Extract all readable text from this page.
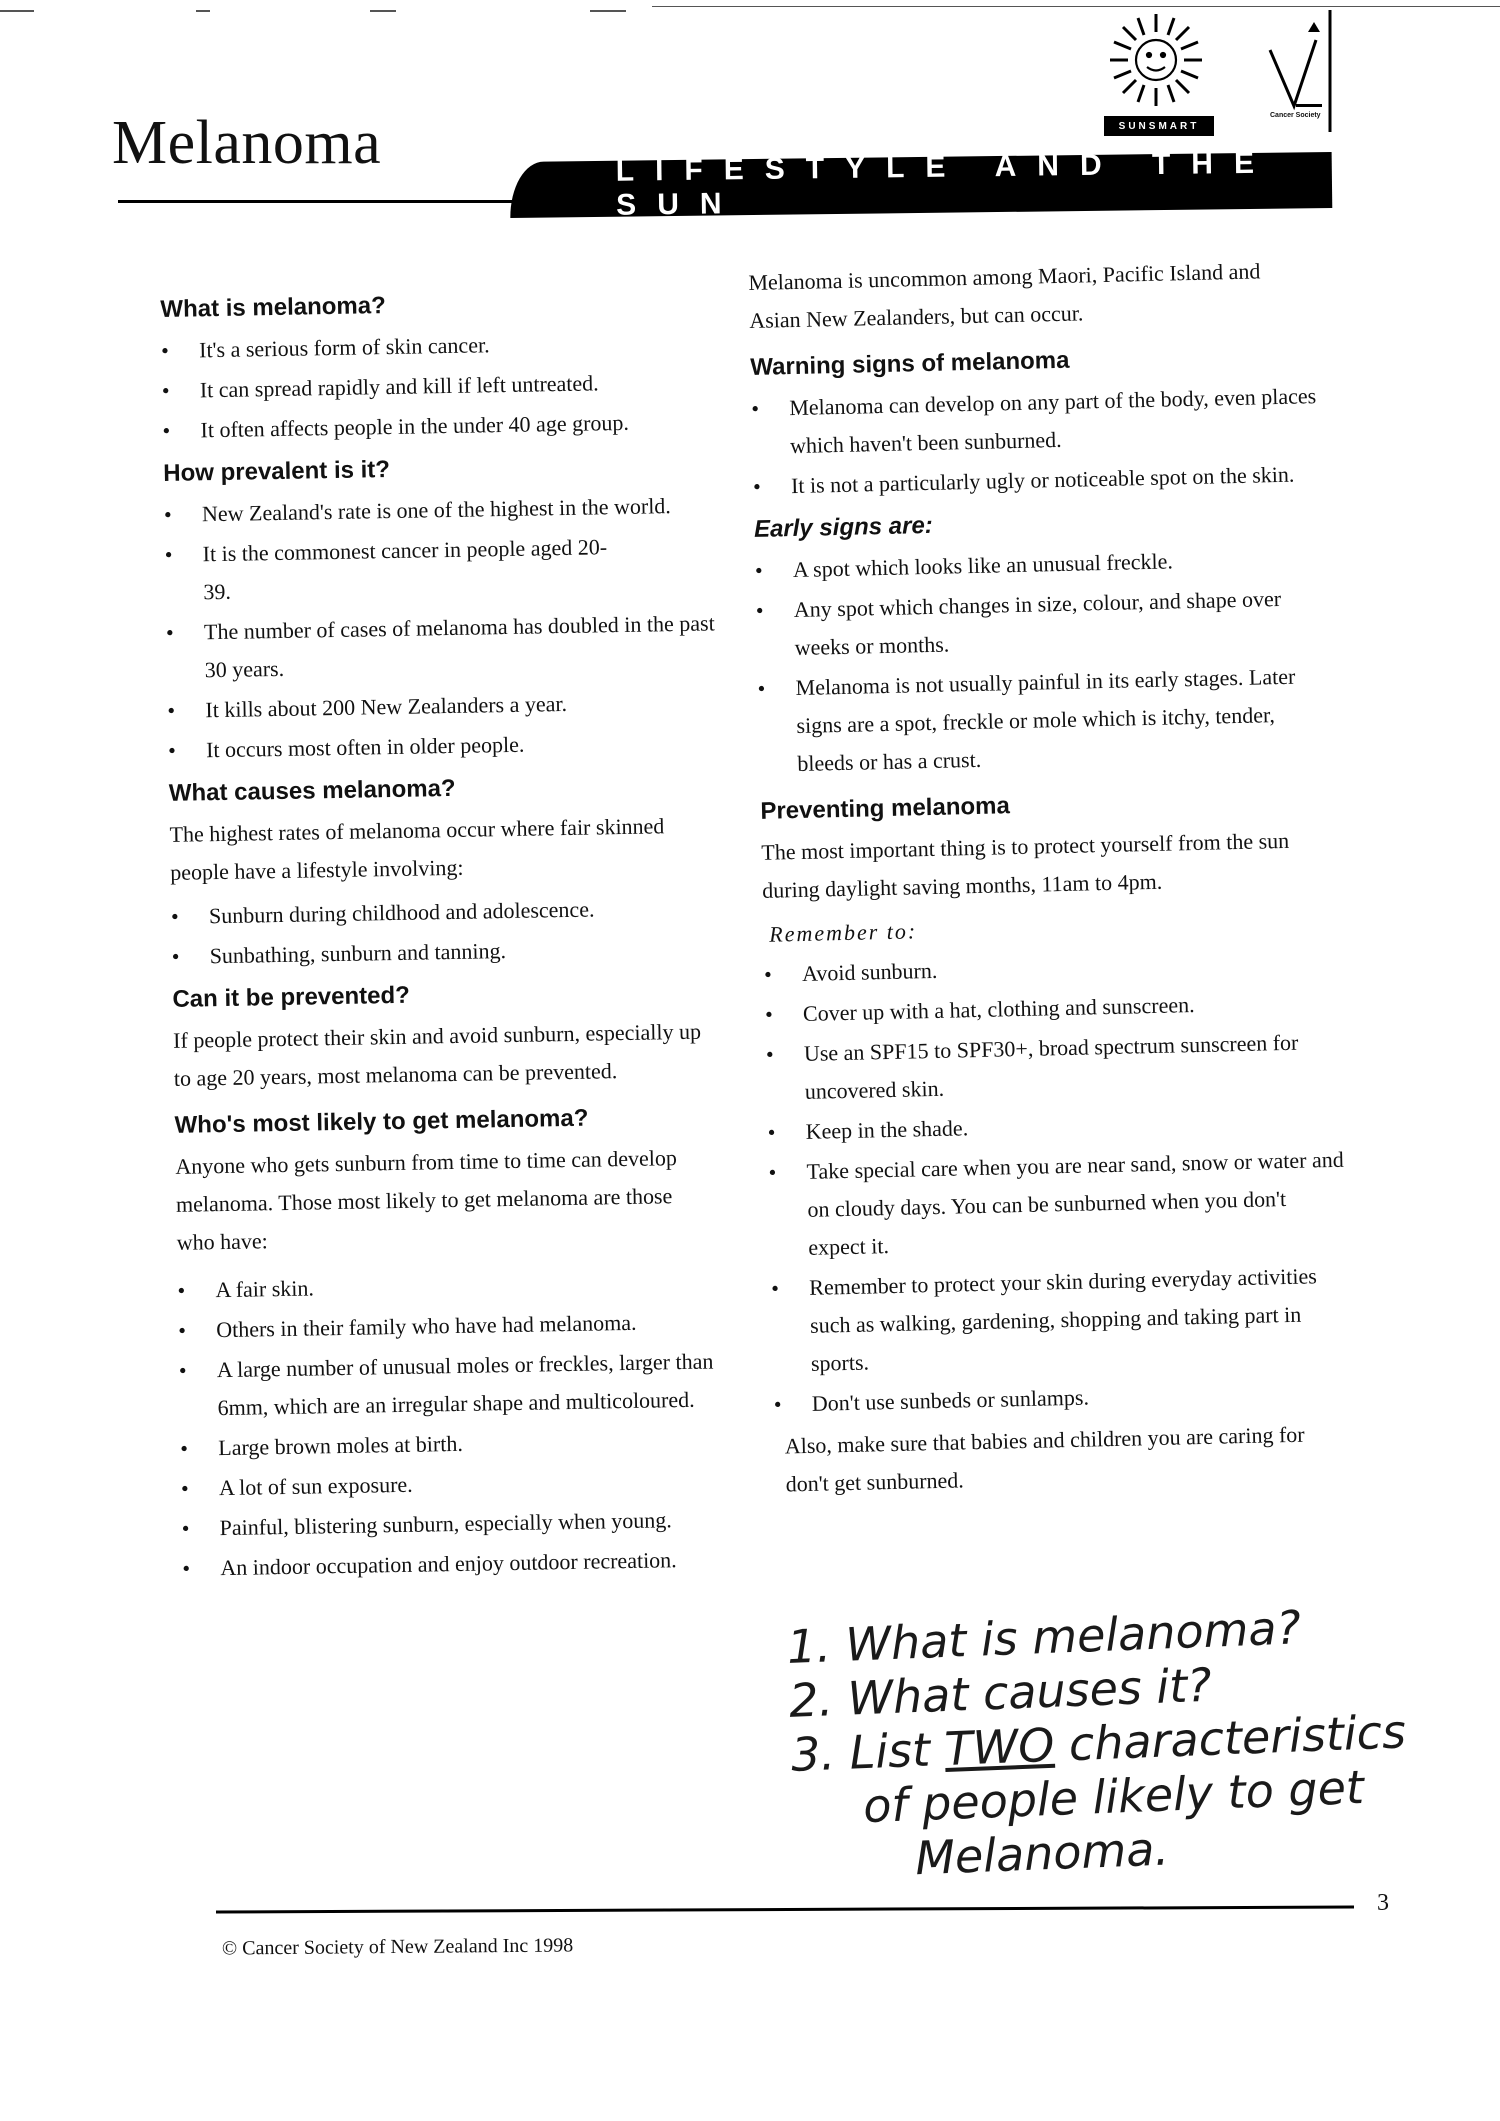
Melanoma	LIFESTYLE AND THE SUN
SUNSMART
Cancer Society
What is melanoma?
• It's a serious form of skin cancer.
• It can spread rapidly and kill if left untreated.
• It often affects people in the under 40 age group.
How prevalent is it?
• New Zealand's rate is one of the highest in the world.
• It is the commonest cancer in people aged 20-39.
• The number of cases of melanoma has doubled in the past 30 years.
• It kills about 200 New Zealanders a year.
• It occurs most often in older people.
What causes melanoma?
The highest rates of melanoma occur where fair skinned people have a lifestyle involving:
• Sunburn during childhood and adolescence.
• Sunbathing, sunburn and tanning.
Can it be prevented?
If people protect their skin and avoid sunburn, especially up to age 20 years, most melanoma can be prevented.
Who's most likely to get melanoma?
Anyone who gets sunburn from time to time can develop melanoma. Those most likely to get melanoma are those who have:
• A fair skin.
• Others in their family who have had melanoma.
• A large number of unusual moles or freckles, larger than 6mm, which are an irregular shape and multicoloured.
• Large brown moles at birth.
• A lot of sun exposure.
• Painful, blistering sunburn, especially when young.
• An indoor occupation and enjoy outdoor recreation.
Melanoma is uncommon among Maori, Pacific Island and Asian New Zealanders, but can occur.
Warning signs of melanoma
• Melanoma can develop on any part of the body, even places which haven't been sunburned.
• It is not a particularly ugly or noticeable spot on the skin.
Early signs are:
• A spot which looks like an unusual freckle.
• Any spot which changes in size, colour, and shape over weeks or months.
• Melanoma is not usually painful in its early stages. Later signs are a spot, freckle or mole which is itchy, tender, bleeds or has a crust.
Preventing melanoma
The most important thing is to protect yourself from the sun during daylight saving months, 11am to 4pm.
Remember to:
• Avoid sunburn.
• Cover up with a hat, clothing and sunscreen.
• Use an SPF15 to SPF30+, broad spectrum sunscreen for uncovered skin.
• Keep in the shade.
• Take special care when you are near sand, snow or water and on cloudy days. You can be sunburned when you don't expect it.
• Remember to protect your skin during everyday activities such as walking, gardening, shopping and taking part in sports.
• Don't use sunbeds or sunlamps.
Also, make sure that babies and children you are caring for don't get sunburned.
1. What is melanoma?
2. What causes it?
3. List TWO characteristics
of people likely to get
Melanoma.
3
© Cancer Society of New Zealand Inc 1998
